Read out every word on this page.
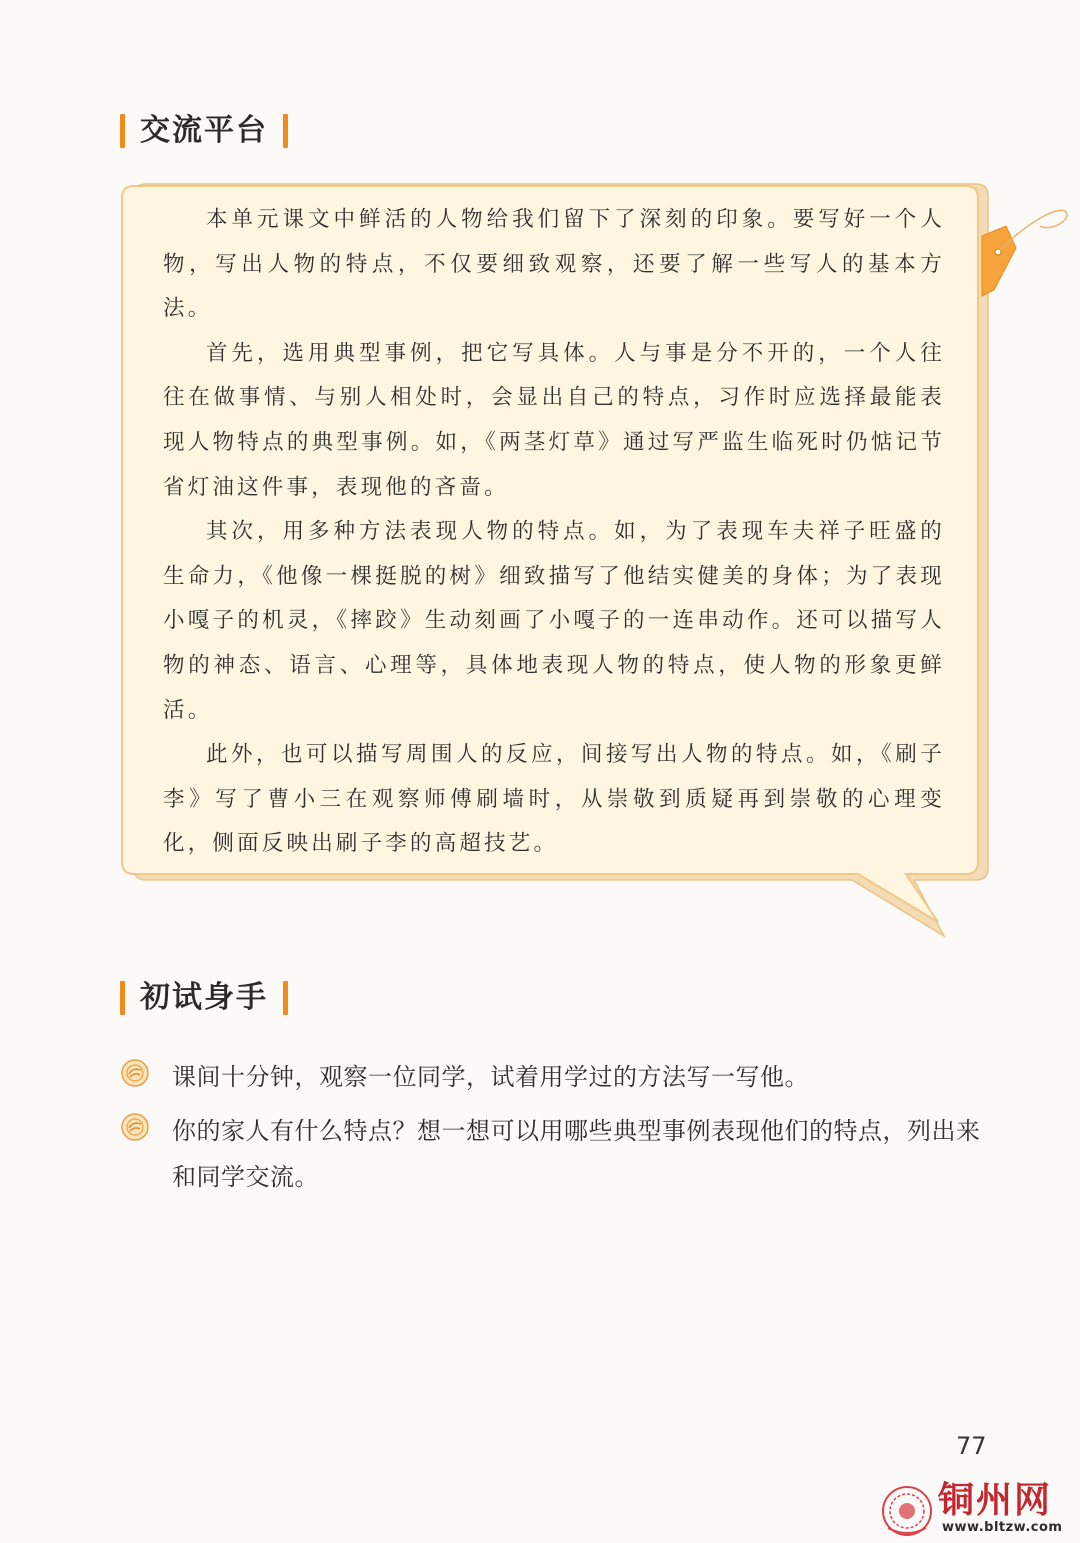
交流平台

本单元课文中鲜活的人物给我们留下了深刻的印象。要写好一个人物，写出人物的特点，不仅要细致观察，还要了解一些写人的基本方法。

首先，选用典型事例，把它写具体。人与事是分不开的，一个人往往在做事情、与别人相处时，会显出自己的特点，习作时应选择最能表现人物特点的典型事例。如，《两茎灯草》通过写严监生临死时仍惦记节省灯油这件事，表现他的吝啬。

其次，用多种方法表现人物的特点。如，为了表现车夫祥子旺盛的生命力，《他像一棵挺脱的树》细致描写了他结实健美的身体；为了表现小嘎子的机灵，《摔跤》生动刻画了小嘎子的一连串动作。还可以描写人物的神态、语言、心理等，具体地表现人物的特点，使人物的形象更鲜活。

此外，也可以描写周围人的反应，间接写出人物的特点。如，《刷子李》写了曹小三在观察师傅刷墙时，从崇敬到质疑再到崇敬的心理变化，侧面反映出刷子李的高超技艺。

初试身手
课间十分钟，观察一位同学，试着用学过的方法写一写他。
你的家人有什么特点？想一想可以用哪些典型事例表现他们的特点，列出来和同学交流。
77
铜州网
www.bltzw.com
